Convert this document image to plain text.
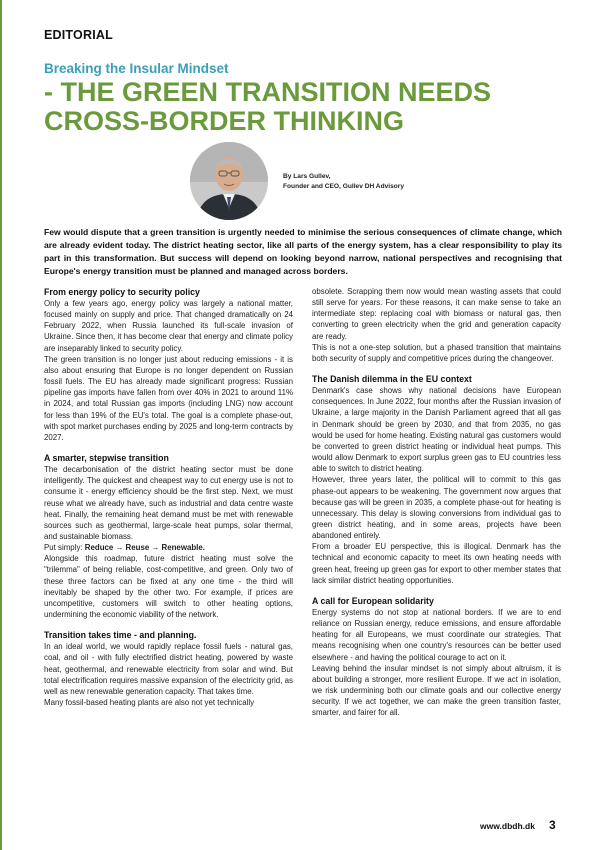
EDITORIAL
Breaking the Insular Mindset
- THE GREEN TRANSITION NEEDS
CROSS-BORDER THINKING
By Lars Gullev,
Founder and CEO, Gullev DH Advisory
Few would dispute that a green transition is urgently needed to minimise the serious consequences of climate change, which are already evident today. The district heating sector, like all parts of the energy system, has a clear responsibility to play its part in this transformation. But success will depend on looking beyond narrow, national perspectives and recognising that Europe's energy transition must be planned and managed across borders.
From energy policy to security policy

Only a few years ago, energy policy was largely a national matter, focused mainly on supply and price. That changed dramatically on 24 February 2022, when Russia launched its full-scale invasion of Ukraine. Since then, it has become clear that energy and climate policy are inseparably linked to security policy.

The green transition is no longer just about reducing emissions - it is also about ensuring that Europe is no longer dependent on Russian fossil fuels. The EU has already made significant progress: Russian pipeline gas imports have fallen from over 40% in 2021 to around 11% in 2024, and total Russian gas imports (including LNG) now account for less than 19% of the EU's total. The goal is a complete phase-out, with spot market purchases ending by 2025 and long-term contracts by 2027.

A smarter, stepwise transition

The decarbonisation of the district heating sector must be done intelligently. The quickest and cheapest way to cut energy use is not to consume it - energy efficiency should be the first step. Next, we must reuse what we already have, such as industrial and data centre waste heat. Finally, the remaining heat demand must be met with renewable sources such as geothermal, large-scale heat pumps, solar thermal, and sustainable biomass.

Put simply: Reduce → Reuse → Renewable.

Alongside this roadmap, future district heating must solve the "trilemma" of being reliable, cost-competitive, and green. Only two of these three factors can be fixed at any one time - the third will inevitably be shaped by the other two. For example, if prices are uncompetitive, customers will switch to other heating options, undermining the economic viability of the network.

Transition takes time - and planning.

In an ideal world, we would rapidly replace fossil fuels - natural gas, coal, and oil - with fully electrified district heating, powered by waste heat, geothermal, and renewable electricity from solar and wind. But total electrification requires massive expansion of the electricity grid, as well as new renewable generation capacity. That takes time.

Many fossil-based heating plants are also not yet technically

obsolete. Scrapping them now would mean wasting assets that could still serve for years. For these reasons, it can make sense to take an intermediate step: replacing coal with biomass or natural gas, then converting to green electricity when the grid and generation capacity are ready.

This is not a one-step solution, but a phased transition that maintains both security of supply and competitive prices during the changeover.

The Danish dilemma in the EU context

Denmark's case shows why national decisions have European consequences. In June 2022, four months after the Russian invasion of Ukraine, a large majority in the Danish Parliament agreed that all gas in Denmark should be green by 2030, and that from 2035, no gas would be used for home heating. Existing natural gas customers would be converted to green district heating or individual heat pumps. This would allow Denmark to export surplus green gas to EU countries less able to switch to district heating.

However, three years later, the political will to commit to this gas phase-out appears to be weakening. The government now argues that because gas will be green in 2035, a complete phase-out for heating is unnecessary. This delay is slowing conversions from individual gas to green district heating, and in some areas, projects have been abandoned entirely.

From a broader EU perspective, this is illogical. Denmark has the technical and economic capacity to meet its own heating needs with green heat, freeing up green gas for export to other member states that lack similar district heating opportunities.

A call for European solidarity

Energy systems do not stop at national borders. If we are to end reliance on Russian energy, reduce emissions, and ensure affordable heating for all Europeans, we must coordinate our strategies. That means recognising when one country's resources can be better used elsewhere - and having the political courage to act on it.

Leaving behind the insular mindset is not simply about altruism, it is about building a stronger, more resilient Europe. If we act in isolation, we risk undermining both our climate goals and our collective energy security. If we act together, we can make the green transition faster, smarter, and fairer for all.

www.dbdh.dk 3
